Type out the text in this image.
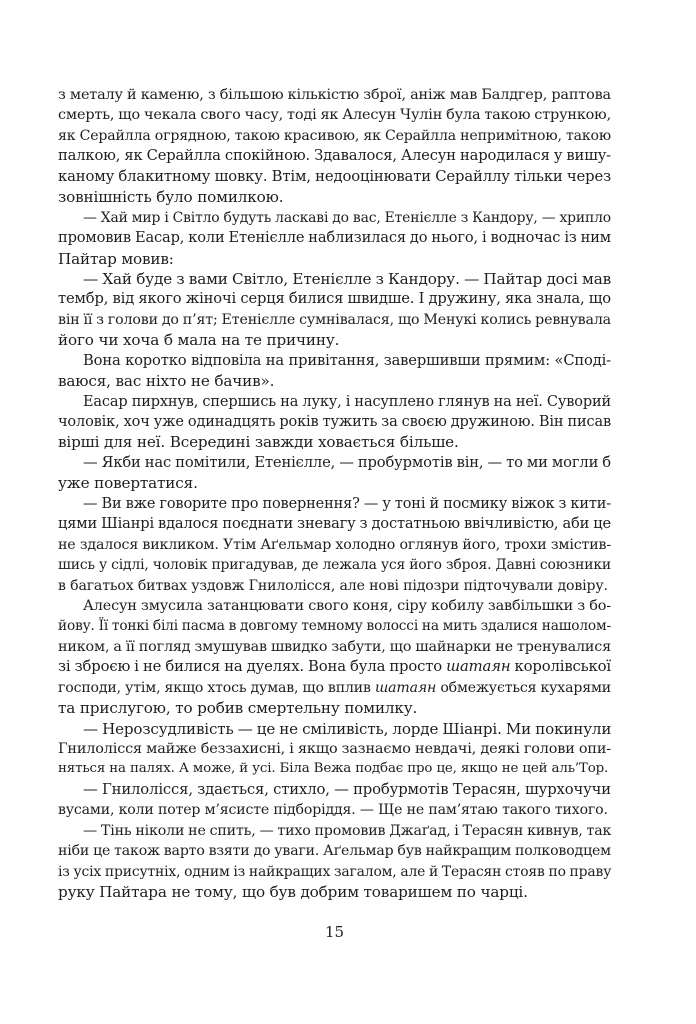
з металу й каменю, з більшою кількістю зброї, аніж мав Балдгер, раптова
смерть, що чекала свого часу, тоді як Алесун Чулін була такою стрункою,
як Серайлла огрядною, такою красивою, як Серайлла непримітною, такою
палкою, як Серайлла спокійною. Здавалося, Алесун народилася у вишу-
каному блакитному шовку. Втім, недооцінювати Серайллу тільки через
зовнішність було помилкою.
— Хай мир і Світло будуть ласкаві до вас, Етенієлле з Кандору, — хрипло
промовив Еасар, коли Етенієлле наблизилася до нього, і водночас із ним
Пайтар мовив:
— Хай буде з вами Світло, Етенієлле з Кандору. — Пайтар досі мав
тембр, від якого жіночі серця билися швидше. І дружину, яка знала, що
він її з голови до п’ят; Етенієлле сумнівалася, що Менукі колись ревнувала
його чи хоча б мала на те причину.
Вона коротко відповіла на привітання, завершивши прямим: «Сподi-
ваюся, вас ніхто не бачив».
Еасар пирхнув, спершись на луку, і насуплено глянув на неї. Суворий
чоловік, хоч уже одинадцять років тужить за своєю дружиною. Він писав
вірші для неї. Всередині завжди ховається більше.
— Якби нас помітили, Етенієлле, — пробурмотів він, — то ми могли б
уже повертатися.
— Ви вже говорите про повернення? — у тоні й посмику віжок з кити-
цями Шіанрі вдалося поєднати зневагу з достатньою ввічливістю, аби це
не здалося викликом. Утім Аґельмар холодно оглянув його, трохи змістив-
шись у сідлі, чоловік пригадував, де лежала уся його зброя. Давні союзники
в багатьох битвах уздовж Гнилолісся, але нові підозри підточували довіру.
Алесун змусила затанцювати свого коня, сіру кобилу завбільшки з бо-
йову. Її тонкі білі пасма в довгому темному волоссі на мить здалися нашолом-
ником, а її погляд змушував швидко забути, що шайнарки не тренувалися
зі зброєю і не билися на дуелях. Вона була просто шатаян королівської
господи, утім, якщо хтось думав, що вплив шатаян обмежується кухарями
та прислугою, то робив смертельну помилку.
— Нерозсудливість — це не сміливість, лорде Шіанрі. Ми покинули
Гнилолісся майже беззахисні, і якщо зазнаємо невдачі, деякі голови опи-
няться на палях. А може, й усі. Біла Вежа подбає про це, якщо не цей аль’Тор.
— Гнилолісся, здається, стихло, — пробурмотів Терасян, шурхочучи
вусами, коли потер м’ясисте підборіддя. — Ще не пам’ятаю такого тихого.
— Тінь ніколи не спить, — тихо промовив Джаґад, і Терасян кивнув, так
ніби це також варто взяти до уваги. Аґельмар був найкращим полководцем
із усіх присутніх, одним із найкращих загалом, але й Терасян стояв по праву
руку Пайтара не тому, що був добрим товаришем по чарці.
15
